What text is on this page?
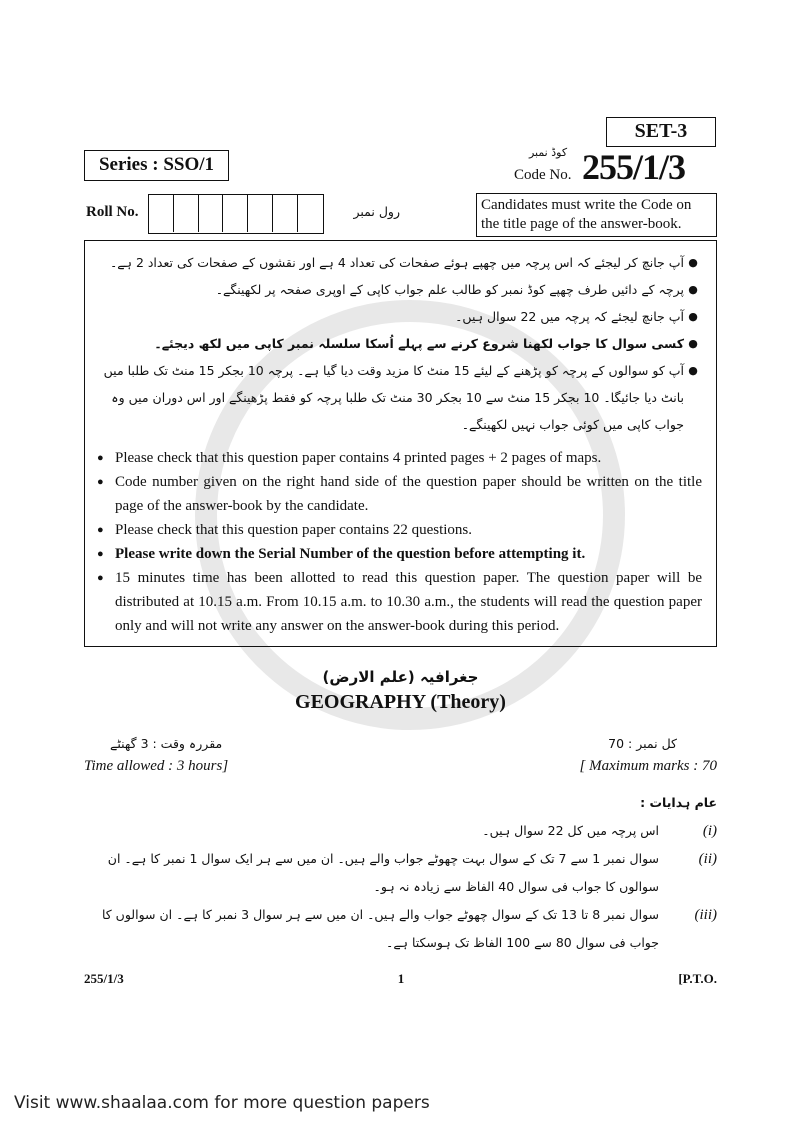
SET-3
Series : SSO/1
کوڈ نمبر
Code No. 255/1/3
Roll No.	رول نمبر	Candidates must write the Code on the title page of the answer-book.
●
آپ جانچ کر لیجئے کہ اس پرچہ میں چھپے ہوئے صفحات کی تعداد 4 ہے اور نقشوں کے صفحات کی تعداد 2 ہے۔
●
پرچہ کے دائیں طرف چھپے کوڈ نمبر کو طالب علم جواب کاپی کے اوپری صفحہ پر لکھینگے۔
●
آپ جانچ لیجئے کہ پرچہ میں 22 سوال ہیں۔
●
کسی سوال کا جواب لکھنا شروع کرنے سے پہلے اُسکا سلسلہ نمبر کاپی میں لکھ دیجئے۔
●
آپ کو سوالوں کے پرچہ کو پڑھنے کے لیئے 15 منٹ کا مزید وقت دیا گیا ہے۔ پرچہ 10 بجکر 15 منٹ تک طلبا میں بانٹ دیا جائیگا۔ 10 بجکر 15 منٹ سے 10 بجکر 30 منٹ تک طلبا پرچہ کو فقط پڑھینگے اور اس دوران میں وہ جواب کاپی میں کوئی جواب نہیں لکھینگے۔
● Please check that this question paper contains 4 printed pages + 2 pages of maps.
● Code number given on the right hand side of the question paper should be written on the title page of the answer-book by the candidate.
● Please check that this question paper contains 22 questions.
● Please write down the Serial Number of the question before attempting it.
● 15 minutes time has been allotted to read this question paper. The question paper will be distributed at 10.15 a.m. From 10.15 a.m. to 10.30 a.m., the students will read the question paper only and will not write any answer on the answer-book during this period.
جغرافیہ (علم الارض)
GEOGRAPHY (Theory)
مقررہ وقت : 3 گھنٹے
Time allowed : 3 hours]
کل نمبر : 70
[ Maximum marks : 70
عام ہدایات :
(i)
اس پرچہ میں کل 22 سوال ہیں۔
(ii)
سوال نمبر 1 سے 7 تک کے سوال بہت چھوٹے جواب والے ہیں۔ ان میں سے ہر ایک سوال 1 نمبر کا ہے۔ ان سوالوں کا جواب فی سوال 40 الفاظ سے زیادہ نہ ہو۔
(iii)
سوال نمبر 8 تا 13 تک کے سوال چھوٹے جواب والے ہیں۔ ان میں سے ہر سوال 3 نمبر کا ہے۔ ان سوالوں کا جواب فی سوال 80 سے 100 الفاظ تک ہوسکتا ہے۔
255/1/3	1	[P.T.O.
Visit www.shaalaa.com for more question papers
